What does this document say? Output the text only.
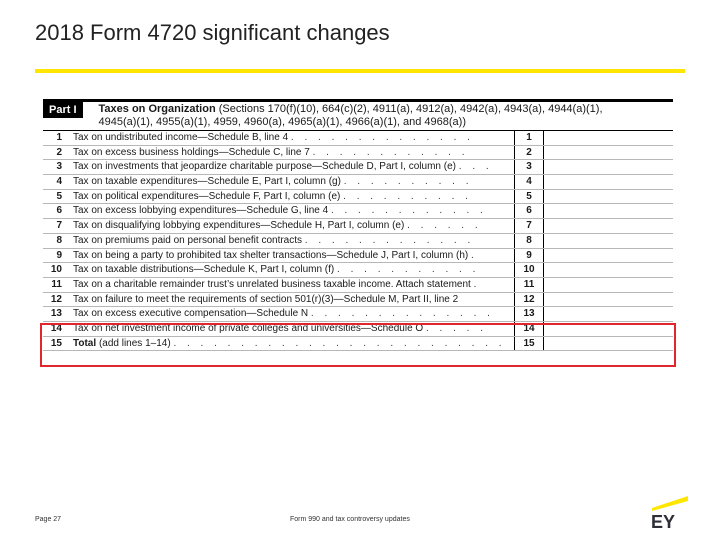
2018 Form 4720 significant changes
Part I	Taxes on Organization (Sections 170(f)(10), 664(c)(2), 4911(a), 4912(a), 4942(a), 4943(a), 4944(a)(1),
4945(a)(1), 4955(a)(1), 4959, 4960(a), 4965(a)(1), 4966(a)(1), and 4968(a))
1	Tax on undistributed income—Schedule B, line 4 . . . . . . . . . . . . . .	1
2	Tax on excess business holdings—Schedule C, line 7 . . . . . . . . . . . .	2
3	Tax on investments that jeopardize charitable purpose—Schedule D, Part I, column (e) . . .	3
4	Tax on taxable expenditures—Schedule E, Part I, column (g) . . . . . . . . . .	4
5	Tax on political expenditures—Schedule F, Part I, column (e) . . . . . . . . . .	5
6	Tax on excess lobbying expenditures—Schedule G, line 4 . . . . . . . . . . . .	6
7	Tax on disqualifying lobbying expenditures—Schedule H, Part I, column (e) . . . . . .	7
8	Tax on premiums paid on personal benefit contracts . . . . . . . . . . . . .	8
9	Tax on being a party to prohibited tax shelter transactions—Schedule J, Part I, column (h) .	9
10	Tax on taxable distributions—Schedule K, Part I, column (f) . . . . . . . . . . .	10
11	Tax on a charitable remainder trust’s unrelated business taxable income. Attach statement .	11
12	Tax on failure to meet the requirements of section 501(r)(3)—Schedule M, Part II, line 2	12
13	Tax on excess executive compensation—Schedule N . . . . . . . . . . . . . .	13
14	Tax on net investment income of private colleges and universities—Schedule O . . . . .	14
15	Total (add lines 1–14) . . . . . . . . . . . . . . . . . . . . . . . . .	15
Page 27	Form 990 and tax controversy updates	EY
